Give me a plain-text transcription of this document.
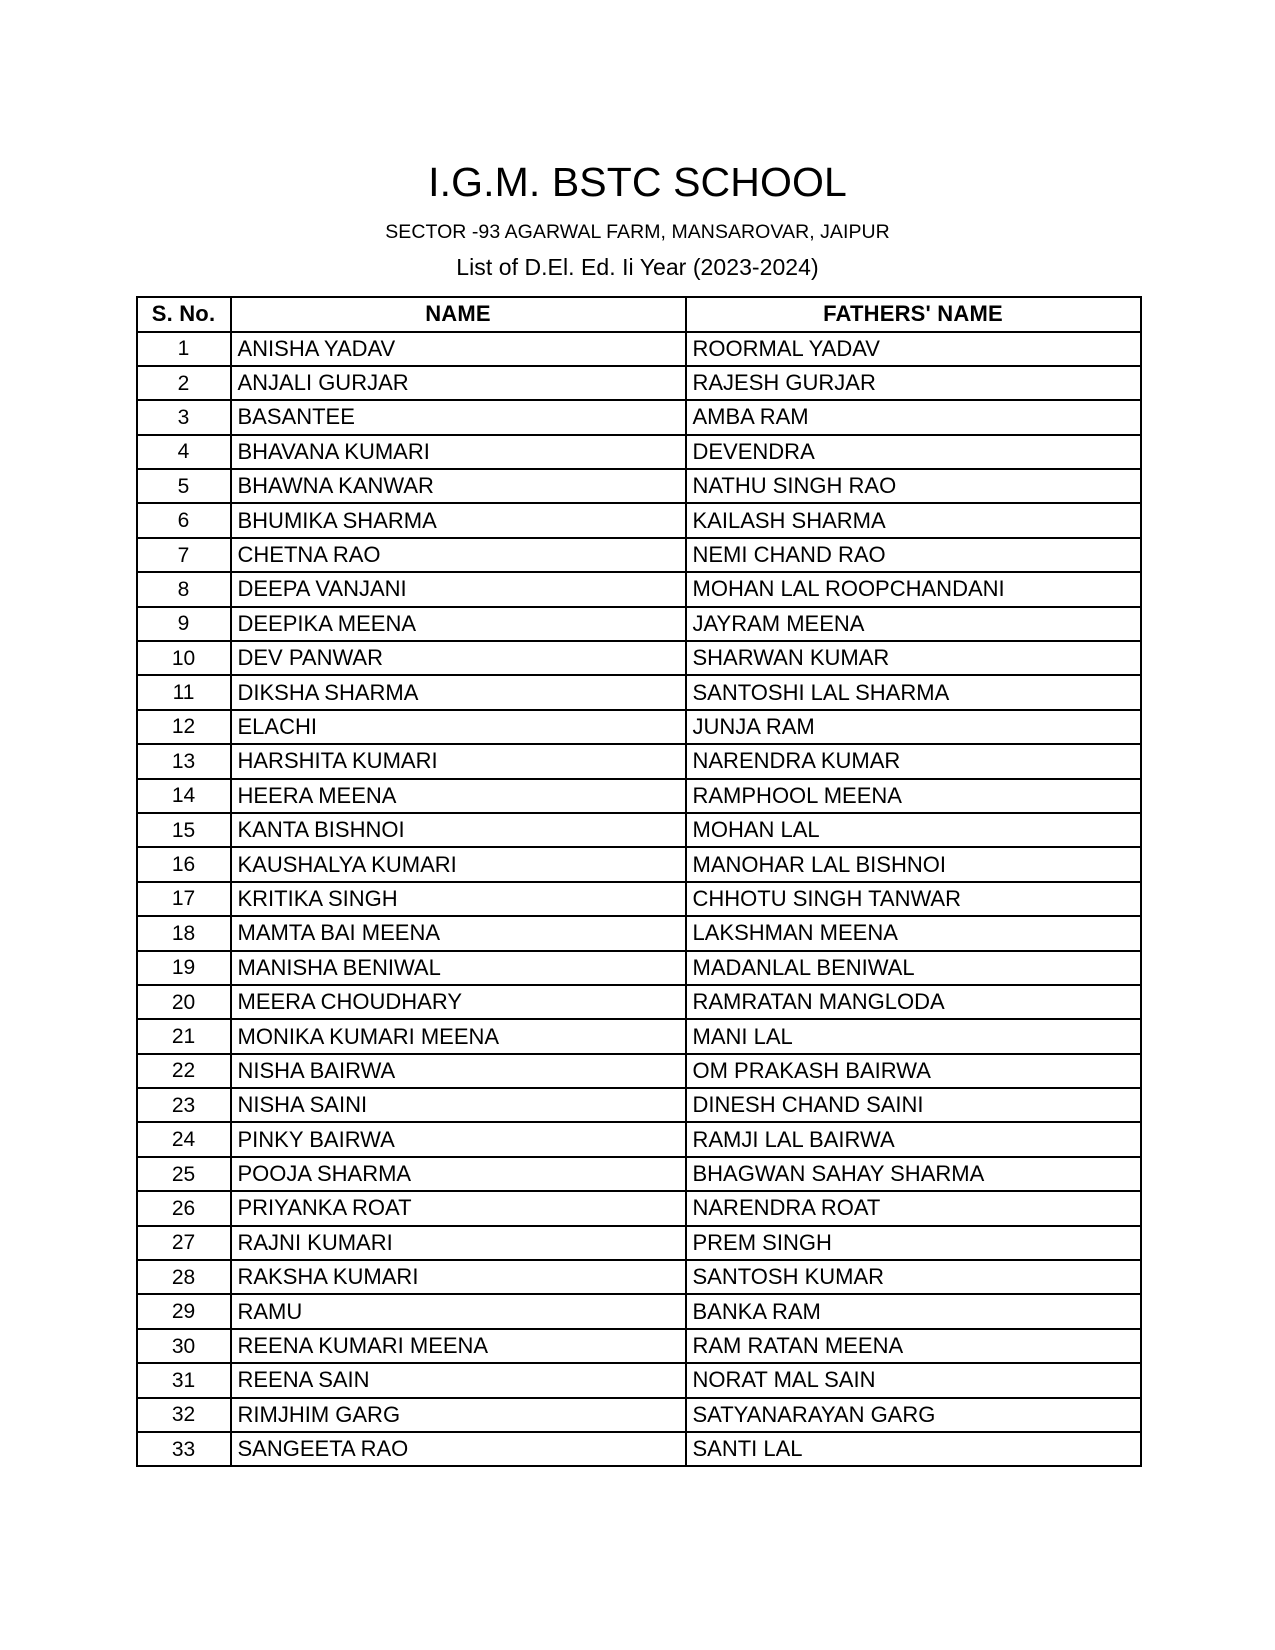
I.G.M. BSTC SCHOOL
SECTOR -93 AGARWAL FARM, MANSAROVAR, JAIPUR
List of D.El. Ed. Ii Year (2023-2024)
S. No.	NAME	FATHERS' NAME
1	ANISHA YADAV	ROORMAL YADAV
2	ANJALI GURJAR	RAJESH GURJAR
3	BASANTEE	AMBA RAM
4	BHAVANA KUMARI	DEVENDRA
5	BHAWNA KANWAR	NATHU SINGH RAO
6	BHUMIKA SHARMA	KAILASH SHARMA
7	CHETNA RAO	NEMI CHAND RAO
8	DEEPA VANJANI	MOHAN LAL ROOPCHANDANI
9	DEEPIKA MEENA	JAYRAM MEENA
10	DEV PANWAR	SHARWAN KUMAR
11	DIKSHA SHARMA	SANTOSHI LAL SHARMA
12	ELACHI	JUNJA RAM
13	HARSHITA KUMARI	NARENDRA KUMAR
14	HEERA MEENA	RAMPHOOL MEENA
15	KANTA BISHNOI	MOHAN LAL
16	KAUSHALYA KUMARI	MANOHAR LAL BISHNOI
17	KRITIKA SINGH	CHHOTU SINGH TANWAR
18	MAMTA BAI MEENA	LAKSHMAN MEENA
19	MANISHA BENIWAL	MADANLAL BENIWAL
20	MEERA CHOUDHARY	RAMRATAN MANGLODA
21	MONIKA KUMARI MEENA	MANI LAL
22	NISHA BAIRWA	OM PRAKASH BAIRWA
23	NISHA SAINI	DINESH CHAND SAINI
24	PINKY BAIRWA	RAMJI LAL BAIRWA
25	POOJA SHARMA	BHAGWAN SAHAY SHARMA
26	PRIYANKA ROAT	NARENDRA ROAT
27	RAJNI KUMARI	PREM SINGH
28	RAKSHA KUMARI	SANTOSH KUMAR
29	RAMU	BANKA RAM
30	REENA KUMARI MEENA	RAM RATAN MEENA
31	REENA SAIN	NORAT MAL SAIN
32	RIMJHIM GARG	SATYANARAYAN GARG
33	SANGEETA RAO	SANTI LAL
